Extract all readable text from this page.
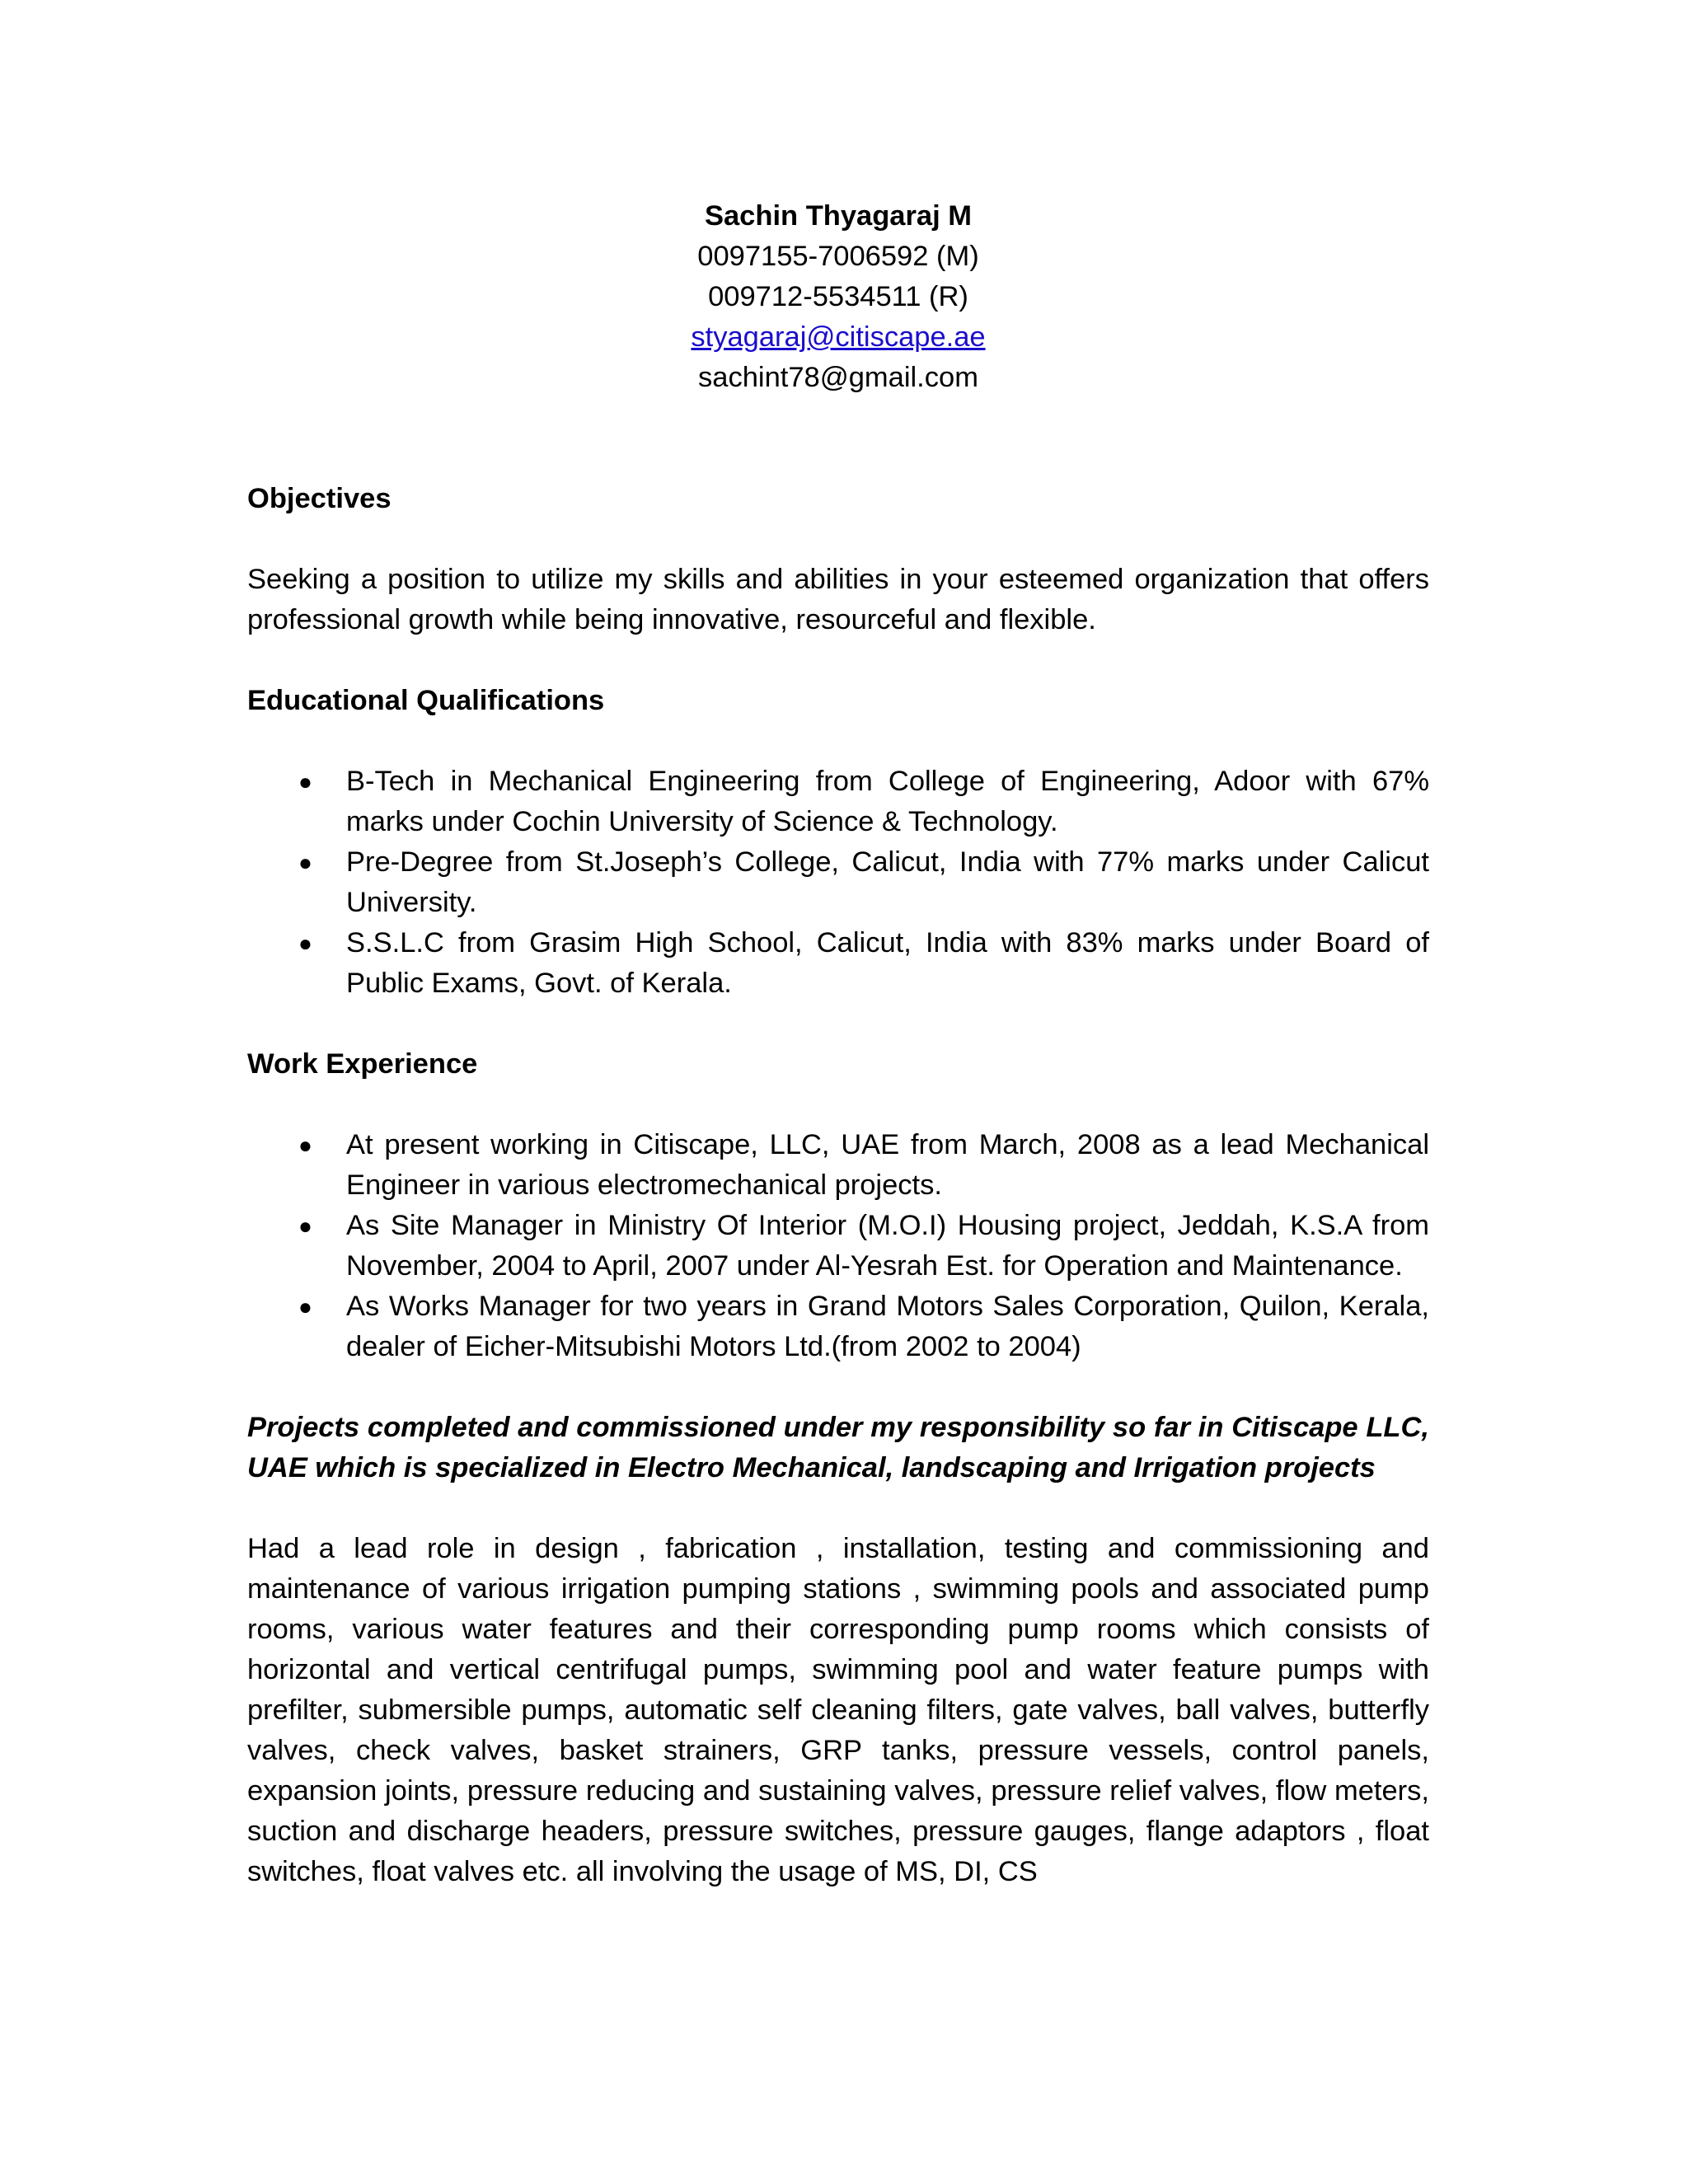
Sachin Thyagaraj M
0097155-7006592 (M)
009712-5534511 (R)
styagaraj@citiscape.ae
sachint78@gmail.com
Objectives
Seeking a position to utilize my skills and abilities in your esteemed organization that offers professional growth while being innovative, resourceful and flexible.
Educational Qualifications
● B-Tech in Mechanical Engineering from College of Engineering, Adoor with 67% marks under Cochin University of Science & Technology.
● Pre-Degree from St.Joseph’s College, Calicut, India with 77% marks under Calicut University.
● S.S.L.C from Grasim High School, Calicut, India with 83% marks under Board of Public Exams, Govt. of Kerala.
Work Experience
● At present working in Citiscape, LLC, UAE from March, 2008 as a lead Mechanical Engineer in various electromechanical projects.
● As Site Manager in Ministry Of Interior (M.O.I) Housing project, Jeddah, K.S.A from November, 2004 to April, 2007 under Al-Yesrah Est. for Operation and Maintenance.
● As Works Manager for two years in Grand Motors Sales Corporation, Quilon, Kerala, dealer of Eicher-Mitsubishi Motors Ltd.(from 2002 to 2004)
Projects completed and commissioned under my responsibility so far in Citiscape LLC, UAE which is specialized in Electro Mechanical, landscaping and Irrigation projects
Had a lead role in design , fabrication , installation, testing and commissioning and maintenance of various irrigation pumping stations , swimming pools and associated pump rooms, various water features and their corresponding pump rooms which consists of horizontal and vertical centrifugal pumps, swimming pool and water feature pumps with prefilter, submersible pumps, automatic self cleaning filters, gate valves, ball valves, butterfly valves, check valves, basket strainers, GRP tanks, pressure vessels, control panels, expansion joints, pressure reducing and sustaining valves, pressure relief valves, flow meters, suction and discharge headers, pressure switches, pressure gauges, flange adaptors , float switches, float valves etc. all involving the usage of MS, DI, CS
